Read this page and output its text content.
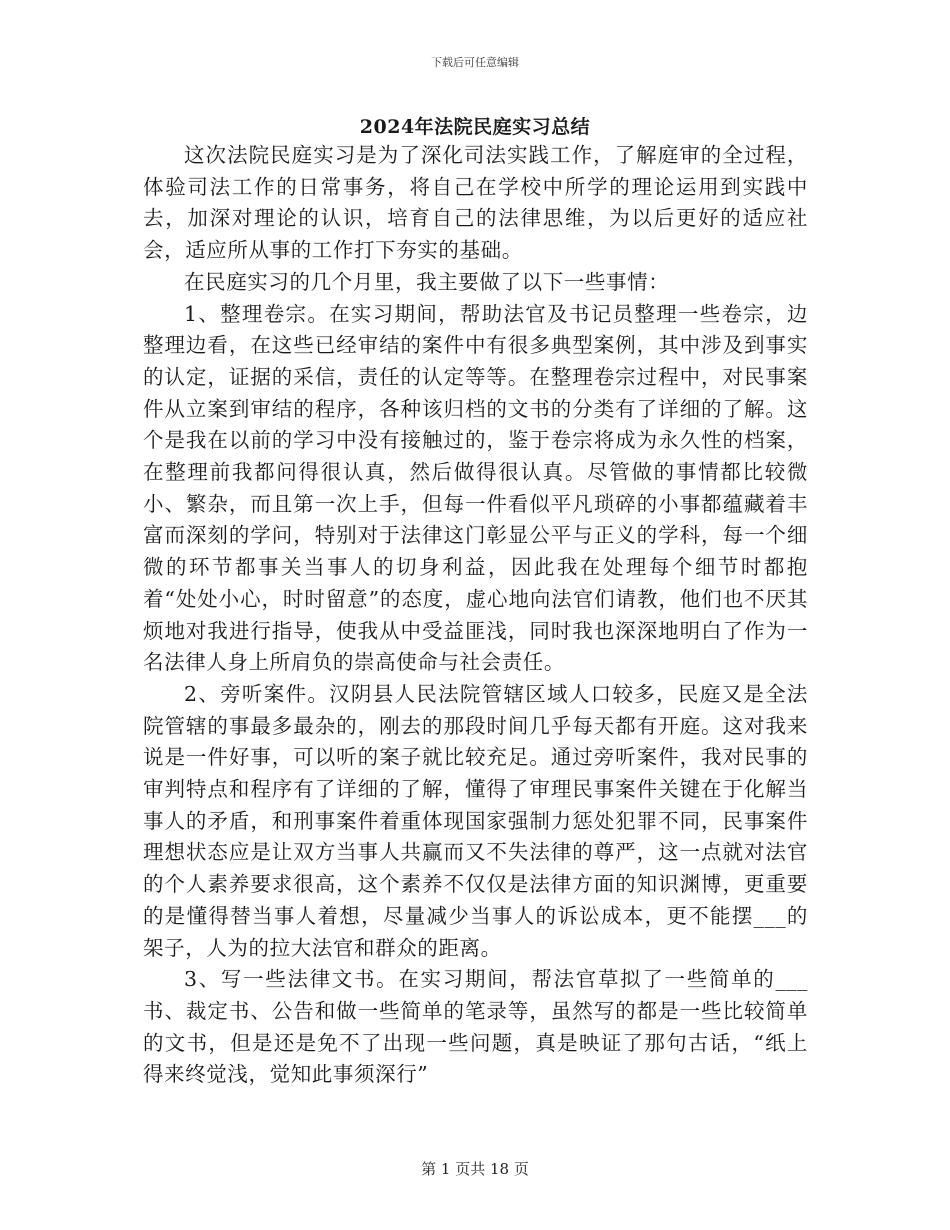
下载后可任意编辑
2024年法院民庭实习总结

这次法院民庭实习是为了深化司法实践工作，了解庭审的全过程，体验司法工作的日常事务，将自己在学校中所学的理论运用到实践中去，加深对理论的认识，培育自己的法律思维，为以后更好的适应社会，适应所从事的工作打下夯实的基础。

在民庭实习的几个月里，我主要做了以下一些事情：

1、整理卷宗。在实习期间，帮助法官及书记员整理一些卷宗，边整理边看，在这些已经审结的案件中有很多典型案例，其中涉及到事实的认定，证据的采信，责任的认定等等。在整理卷宗过程中，对民事案件从立案到审结的程序，各种该归档的文书的分类有了详细的了解。这个是我在以前的学习中没有接触过的，鉴于卷宗将成为永久性的档案，在整理前我都问得很认真，然后做得很认真。尽管做的事情都比较微小、繁杂，而且第一次上手，但每一件看似平凡琐碎的小事都蕴藏着丰富而深刻的学问，特别对于法律这门彰显公平与正义的学科，每一个细微的环节都事关当事人的切身利益，因此我在处理每个细节时都抱着“处处小心，时时留意”的态度，虚心地向法官们请教，他们也不厌其烦地对我进行指导，使我从中受益匪浅，同时我也深深地明白了作为一名法律人身上所肩负的崇高使命与社会责任。

2、旁听案件。汉阴县人民法院管辖区域人口较多，民庭又是全法院管辖的事最多最杂的，刚去的那段时间几乎每天都有开庭。这对我来说是一件好事，可以听的案子就比较充足。通过旁听案件，我对民事的审判特点和程序有了详细的了解，懂得了审理民事案件关键在于化解当事人的矛盾，和刑事案件着重体现国家强制力惩处犯罪不同，民事案件理想状态应是让双方当事人共赢而又不失法律的尊严，这一点就对法官的个人素养要求很高，这个素养不仅仅是法律方面的知识渊博，更重要的是懂得替当事人着想，尽量减少当事人的诉讼成本，更不能摆___的架子，人为的拉大法官和群众的距离。

3、写一些法律文书。在实习期间，帮法官草拟了一些简单的___书、裁定书、公告和做一些简单的笔录等，虽然写的都是一些比较简单的文书，但是还是免不了出现一些问题，真是映证了那句古话，“纸上得来终觉浅，觉知此事须深行”

第 1 页共 18 页
